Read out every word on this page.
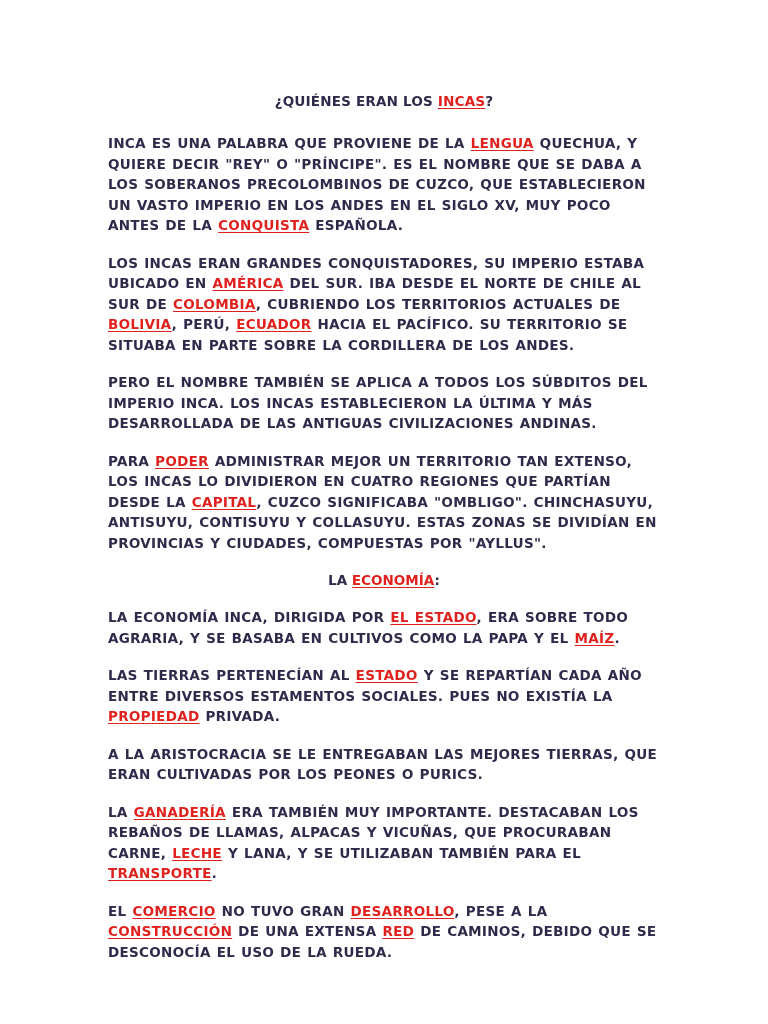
¿QUIÉNES ERAN LOS INCAS?
INCA ES UNA PALABRA QUE PROVIENE DE LA LENGUA QUECHUA, Y QUIERE DECIR "REY" O "PRÍNCIPE". ES EL NOMBRE QUE SE DABA A LOS SOBERANOS PRECOLOMBINOS DE CUZCO, QUE ESTABLECIERON UN VASTO IMPERIO EN LOS ANDES EN EL SIGLO XV, MUY POCO ANTES DE LA CONQUISTA ESPAÑOLA.
LOS INCAS ERAN GRANDES CONQUISTADORES, SU IMPERIO ESTABA UBICADO EN AMÉRICA DEL SUR. IBA DESDE EL NORTE DE CHILE AL SUR DE COLOMBIA, CUBRIENDO LOS TERRITORIOS ACTUALES DE BOLIVIA, PERÚ, ECUADOR HACIA EL PACÍFICO. SU TERRITORIO SE SITUABA EN PARTE SOBRE LA CORDILLERA DE LOS ANDES.
PERO EL NOMBRE TAMBIÉN SE APLICA A TODOS LOS SÚBDITOS DEL IMPERIO INCA. LOS INCAS ESTABLECIERON LA ÚLTIMA Y MÁS DESARROLLADA DE LAS ANTIGUAS CIVILIZACIONES ANDINAS.
PARA PODER ADMINISTRAR MEJOR UN TERRITORIO TAN EXTENSO, LOS INCAS LO DIVIDIERON EN CUATRO REGIONES QUE PARTÍAN DESDE LA CAPITAL, CUZCO SIGNIFICABA "OMBLIGO". CHINCHASUYU, ANTISUYU, CONTISUYU Y COLLASUYU. ESTAS ZONAS SE DIVIDÍAN EN PROVINCIAS Y CIUDADES, COMPUESTAS POR "AYLLUS".
LA ECONOMÍA:
LA ECONOMÍA INCA, DIRIGIDA POR EL ESTADO, ERA SOBRE TODO AGRARIA, Y SE BASABA EN CULTIVOS COMO LA PAPA Y EL MAÍZ.
LAS TIERRAS PERTENECÍAN AL ESTADO Y SE REPARTÍAN CADA AÑO ENTRE DIVERSOS ESTAMENTOS SOCIALES. PUES NO EXISTÍA LA PROPIEDAD PRIVADA.
A LA ARISTOCRACIA SE LE ENTREGABAN LAS MEJORES TIERRAS, QUE ERAN CULTIVADAS POR LOS PEONES O PURICS.
LA GANADERÍA ERA TAMBIÉN MUY IMPORTANTE. DESTACABAN LOS REBAÑOS DE LLAMAS, ALPACAS Y VICUÑAS, QUE PROCURABAN CARNE, LECHE Y LANA, Y SE UTILIZABAN TAMBIÉN PARA EL TRANSPORTE.
EL COMERCIO NO TUVO GRAN DESARROLLO, PESE A LA CONSTRUCCIÓN DE UNA EXTENSA RED DE CAMINOS, DEBIDO QUE SE DESCONOCÍA EL USO DE LA RUEDA.
